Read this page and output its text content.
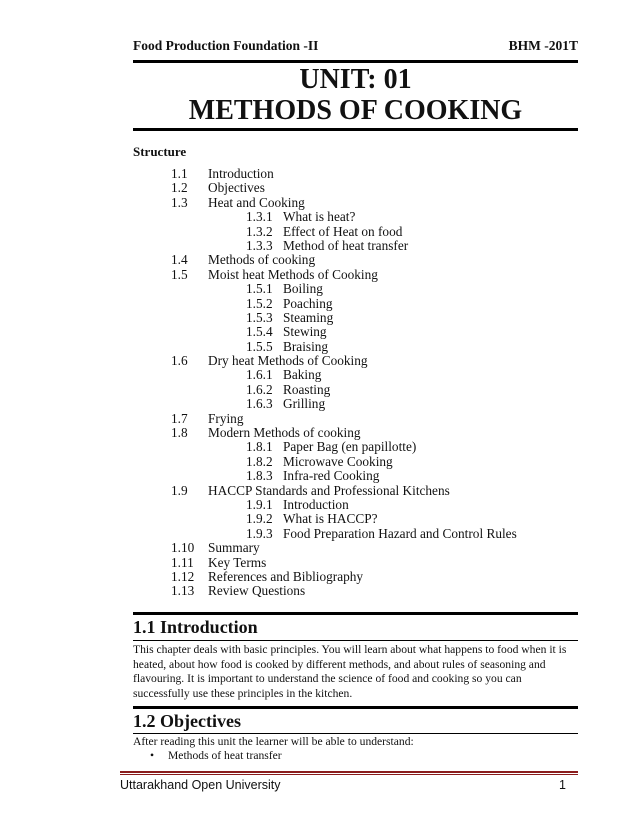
Food Production Foundation -II	BHM -201T
UNIT: 01
METHODS OF COOKING
Structure
1.1 Introduction
1.2 Objectives
1.3 Heat and Cooking
1.3.1 What is heat?
1.3.2 Effect of Heat on food
1.3.3 Method of heat transfer
1.4 Methods of cooking
1.5 Moist heat Methods of Cooking
1.5.1 Boiling
1.5.2 Poaching
1.5.3 Steaming
1.5.4 Stewing
1.5.5 Braising
1.6 Dry heat Methods of Cooking
1.6.1 Baking
1.6.2 Roasting
1.6.3 Grilling
1.7 Frying
1.8 Modern Methods of cooking
1.8.1 Paper Bag (en papillotte)
1.8.2 Microwave Cooking
1.8.3 Infra-red Cooking
1.9 HACCP Standards and Professional Kitchens
1.9.1 Introduction
1.9.2 What is HACCP?
1.9.3 Food Preparation Hazard and Control Rules
1.10 Summary
1.11 Key Terms
1.12 References and Bibliography
1.13 Review Questions
1.1 Introduction
This chapter deals with basic principles. You will learn about what happens to food when it is heated, about how food is cooked by different methods, and about rules of seasoning and flavouring. It is important to understand the science of food and cooking so you can successfully use these principles in the kitchen.
1.2 Objectives
After reading this unit the learner will be able to understand:
• Methods of heat transfer
Uttarakhand Open University	1
